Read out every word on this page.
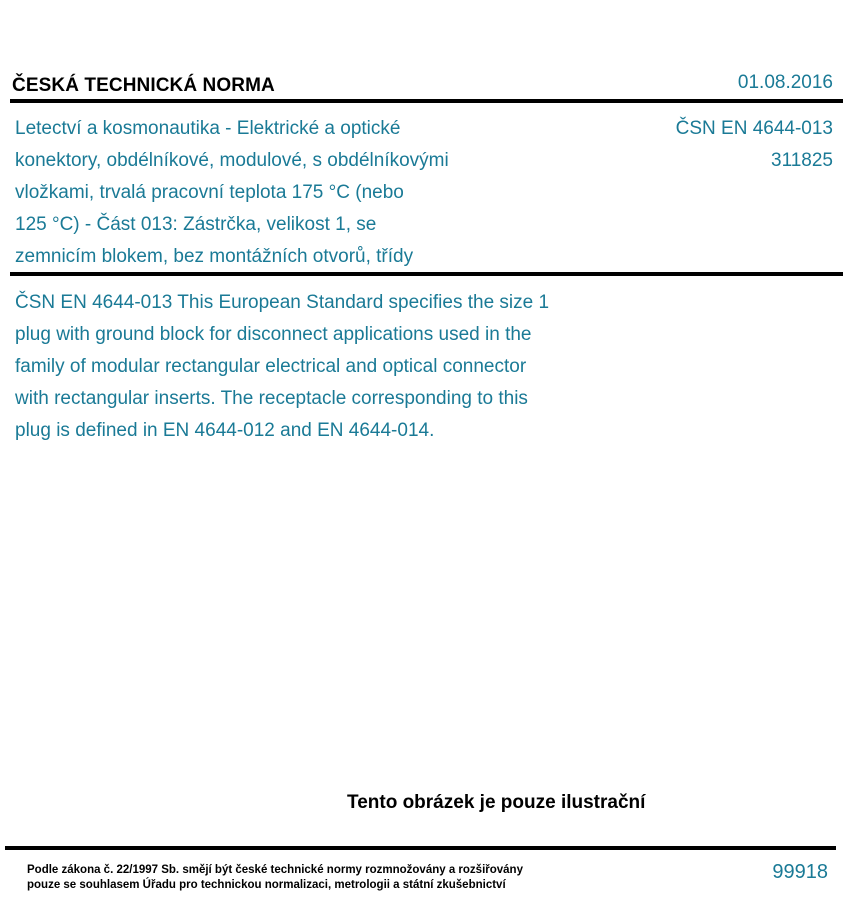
ČESKÁ TECHNICKÁ NORMA	01.08.2016
Letectví a kosmonautika - Elektrické a optické
konektory, obdélníkové, modulové, s obdélníkovými
vložkami, trvalá pracovní teplota 175 °C (nebo
125 °C) - Část 013: Zástrčka, velikost 1, se
zemnicím blokem, bez montážních otvorů, třídy
ČSN EN 4644-013
311825
ČSN EN 4644-013 This European Standard specifies the size 1
plug with ground block for disconnect applications used in the
family of modular rectangular electrical and optical connector
with rectangular inserts. The receptacle corresponding to this
plug is defined in EN 4644-012 and EN 4644-014.
Tento obrázek je pouze ilustrační
Podle zákona č. 22/1997 Sb. smějí být české technické normy rozmnožovány a rozšiřovány
pouze se souhlasem Úřadu pro technickou normalizaci, metrologii a státní zkušebnictví
99918
